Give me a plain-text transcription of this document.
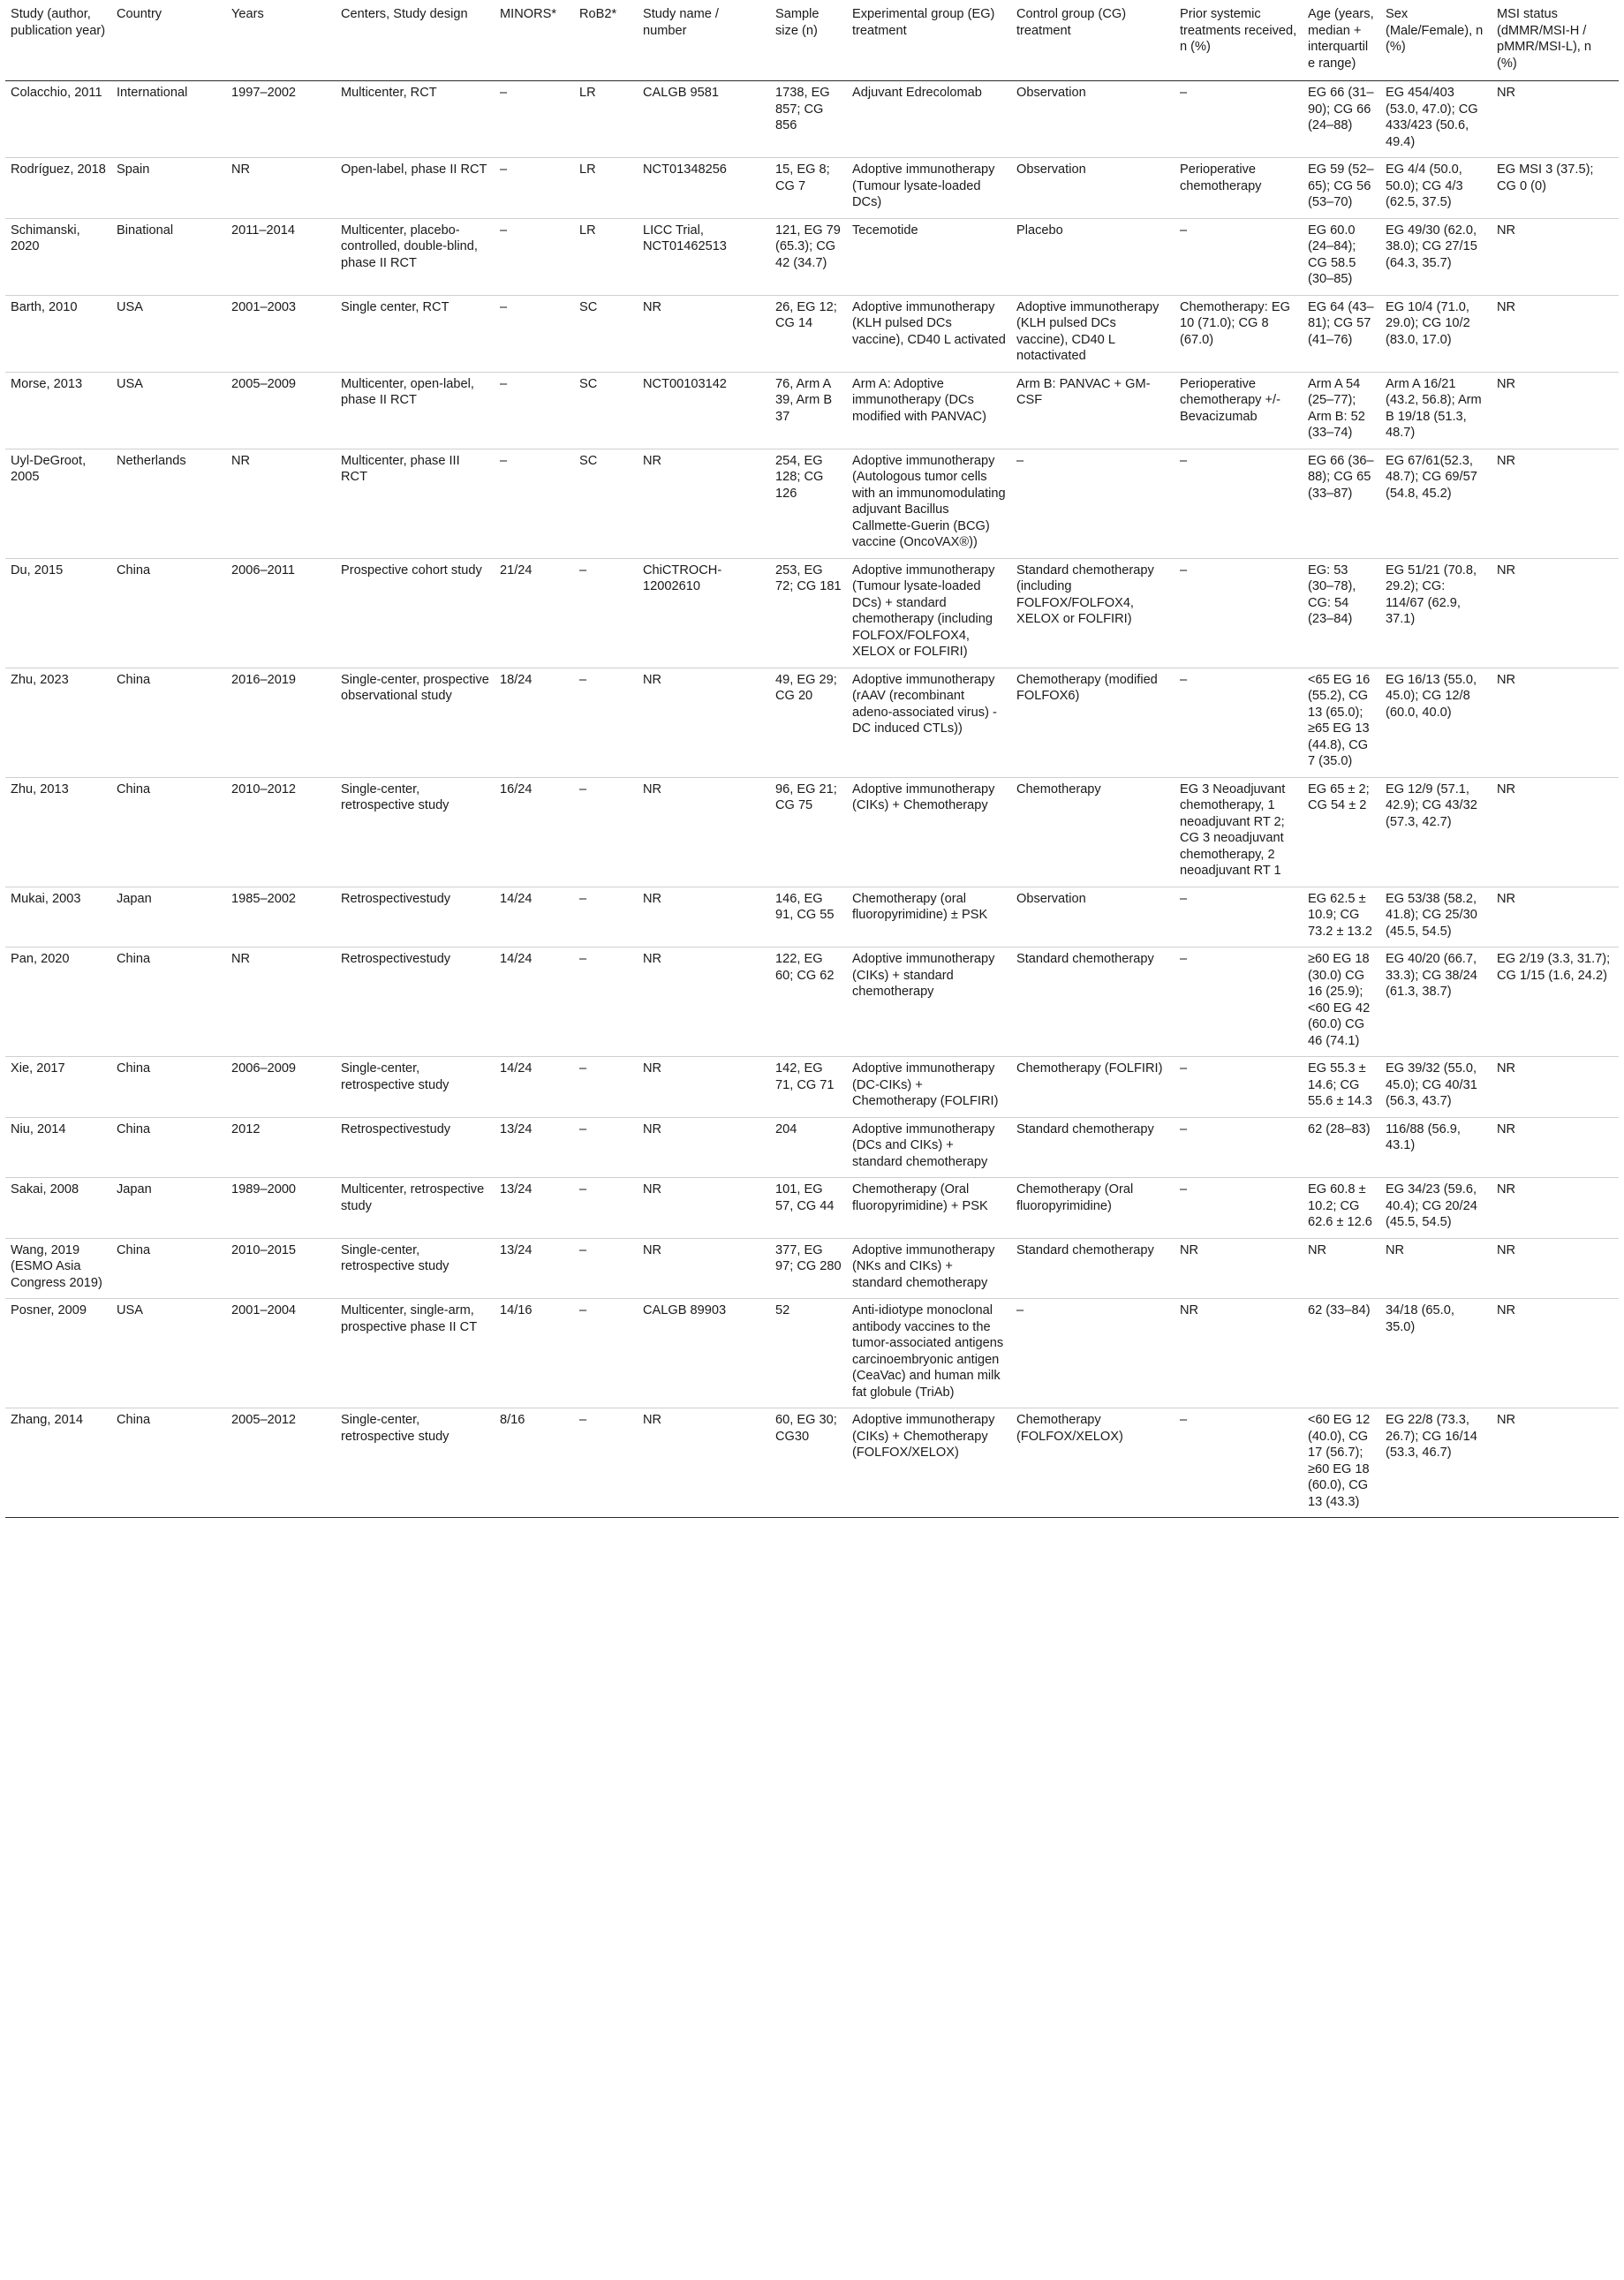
Study (author, publication year)	Country	Years	Centers, Study design	MINORS*	RoB2*	Study name / number	Sample size (n)	Experimental group (EG) treatment	Control group (CG) treatment	Prior systemic treatments received, n (%)	Age (years, median + interquartile range)	Sex (Male/Female), n (%)	MSI status (dMMR/MSI-H / pMMR/MSI-L), n (%)
Colacchio, 2011	International	1997–2002	Multicenter, RCT	–	LR	CALGB 9581	1738, EG 857; CG 856	Adjuvant Edrecolomab	Observation	–	EG 66 (31–90); CG 66 (24–88)	EG 454/403 (53.0, 47.0); CG 433/423 (50.6, 49.4)	NR
Rodríguez, 2018	Spain	NR	Open-label, phase II RCT	–	LR	NCT01348256	15, EG 8; CG 7	Adoptive immunotherapy (Tumour lysate-loaded DCs)	Observation	Perioperative chemotherapy	EG 59 (52–65); CG 56 (53–70)	EG 4/4 (50.0, 50.0); CG 4/3 (62.5, 37.5)	EG MSI 3 (37.5); CG 0 (0)
Schimanski, 2020	Binational	2011–2014	Multicenter, placebo-controlled, double-blind, phase II RCT	–	LR	LICC Trial, NCT01462513	121, EG 79 (65.3); CG 42 (34.7)	Tecemotide	Placebo	–	EG 60.0 (24–84); CG 58.5 (30–85)	EG 49/30 (62.0, 38.0); CG 27/15 (64.3, 35.7)	NR
Barth, 2010	USA	2001–2003	Single center, RCT	–	SC	NR	26, EG 12; CG 14	Adoptive immunotherapy (KLH pulsed DCs vaccine), CD40 L activated	Adoptive immunotherapy (KLH pulsed DCs vaccine), CD40 L notactivated	Chemotherapy: EG 10 (71.0); CG 8 (67.0)	EG 64 (43–81); CG 57 (41–76)	EG 10/4 (71.0, 29.0); CG 10/2 (83.0, 17.0)	NR
Morse, 2013	USA	2005–2009	Multicenter, open-label, phase II RCT	–	SC	NCT00103142	76, Arm A 39, Arm B 37	Arm A: Adoptive immunotherapy (DCs modified with PANVAC)	Arm B: PANVAC + GM-CSF	Perioperative chemotherapy +/- Bevacizumab	Arm A 54 (25–77); Arm B: 52 (33–74)	Arm A 16/21 (43.2, 56.8); Arm B 19/18 (51.3, 48.7)	NR
Uyl-DeGroot, 2005	Netherlands	NR	Multicenter, phase III RCT	–	SC	NR	254, EG 128; CG 126	Adoptive immunotherapy (Autologous tumor cells with an immunomodulating adjuvant Bacillus Callmette-Guerin (BCG) vaccine (OncoVAX®))	–	–	EG 66 (36–88); CG 65 (33–87)	EG 67/61(52.3, 48.7); CG 69/57 (54.8, 45.2)	NR
Du, 2015	China	2006–2011	Prospective cohort study	21/24	–	ChiCTROCH-12002610	253, EG 72; CG 181	Adoptive immunotherapy (Tumour lysate-loaded DCs) + standard chemotherapy (including FOLFOX/FOLFOX4, XELOX or FOLFIRI)	Standard chemotherapy (including FOLFOX/FOLFOX4, XELOX or FOLFIRI)	–	EG: 53 (30–78), CG: 54 (23–84)	EG 51/21 (70.8, 29.2); CG: 114/67 (62.9, 37.1)	NR
Zhu, 2023	China	2016–2019	Single-center, prospective observational study	18/24	–	NR	49, EG 29; CG 20	Adoptive immunotherapy (rAAV (recombinant adeno-associated virus) - DC induced CTLs))	Chemotherapy (modified FOLFOX6)	–	<65 EG 16 (55.2), CG 13 (65.0); ≥65 EG 13 (44.8), CG 7 (35.0)	EG 16/13 (55.0, 45.0); CG 12/8 (60.0, 40.0)	NR
Zhu, 2013	China	2010–2012	Single-center, retrospective study	16/24	–	NR	96, EG 21; CG 75	Adoptive immunotherapy (CIKs) + Chemotherapy	Chemotherapy	EG 3 Neoadjuvant chemotherapy, 1 neoadjuvant RT 2; CG 3 neoadjuvant chemotherapy, 2 neoadjuvant RT 1	EG 65 ± 2; CG 54 ± 2	EG 12/9 (57.1, 42.9); CG 43/32 (57.3, 42.7)	NR
Mukai, 2003	Japan	1985–2002	Retrospectivestudy	14/24	–	NR	146, EG 91, CG 55	Chemotherapy (oral fluoropyrimidine) ± PSK	Observation	–	EG 62.5 ± 10.9; CG 73.2 ± 13.2	EG 53/38 (58.2, 41.8); CG 25/30 (45.5, 54.5)	NR
Pan, 2020	China	NR	Retrospectivestudy	14/24	–	NR	122, EG 60; CG 62	Adoptive immunotherapy (CIKs) + standard chemotherapy	Standard chemotherapy	–	≥60 EG 18 (30.0) CG 16 (25.9); <60 EG 42 (60.0) CG 46 (74.1)	EG 40/20 (66.7, 33.3); CG 38/24 (61.3, 38.7)	EG 2/19 (3.3, 31.7); CG 1/15 (1.6, 24.2)
Xie, 2017	China	2006–2009	Single-center, retrospective study	14/24	–	NR	142, EG 71, CG 71	Adoptive immunotherapy (DC-CIKs) + Chemotherapy (FOLFIRI)	Chemotherapy (FOLFIRI)	–	EG 55.3 ± 14.6; CG 55.6 ± 14.3	EG 39/32 (55.0, 45.0); CG 40/31 (56.3, 43.7)	NR
Niu, 2014	China	2012	Retrospectivestudy	13/24	–	NR	204	Adoptive immunotherapy (DCs and CIKs) + standard chemotherapy	Standard chemotherapy	–	62 (28–83)	116/88 (56.9, 43.1)	NR
Sakai, 2008	Japan	1989–2000	Multicenter, retrospective study	13/24	–	NR	101, EG 57, CG 44	Chemotherapy (Oral fluoropyrimidine) + PSK	Chemotherapy (Oral fluoropyrimidine)	–	EG 60.8 ± 10.2; CG 62.6 ± 12.6	EG 34/23 (59.6, 40.4); CG 20/24 (45.5, 54.5)	NR
Wang, 2019 (ESMO Asia Congress 2019)	China	2010–2015	Single-center, retrospective study	13/24	–	NR	377, EG 97; CG 280	Adoptive immunotherapy (NKs and CIKs) + standard chemotherapy	Standard chemotherapy	NR	NR	NR	NR
Posner, 2009	USA	2001–2004	Multicenter, single-arm, prospective phase II CT	14/16	–	CALGB 89903	52	Anti-idiotype monoclonal antibody vaccines to the tumor-associated antigens carcinoembryonic antigen (CeaVac) and human milk fat globule (TriAb)	–	NR	62 (33–84)	34/18 (65.0, 35.0)	NR
Zhang, 2014	China	2005–2012	Single-center, retrospective study	8/16	–	NR	60, EG 30; CG30	Adoptive immunotherapy (CIKs) + Chemotherapy (FOLFOX/XELOX)	Chemotherapy (FOLFOX/XELOX)	–	<60 EG 12 (40.0), CG 17 (56.7); ≥60 EG 18 (60.0), CG 13 (43.3)	EG 22/8 (73.3, 26.7); CG 16/14 (53.3, 46.7)	NR
